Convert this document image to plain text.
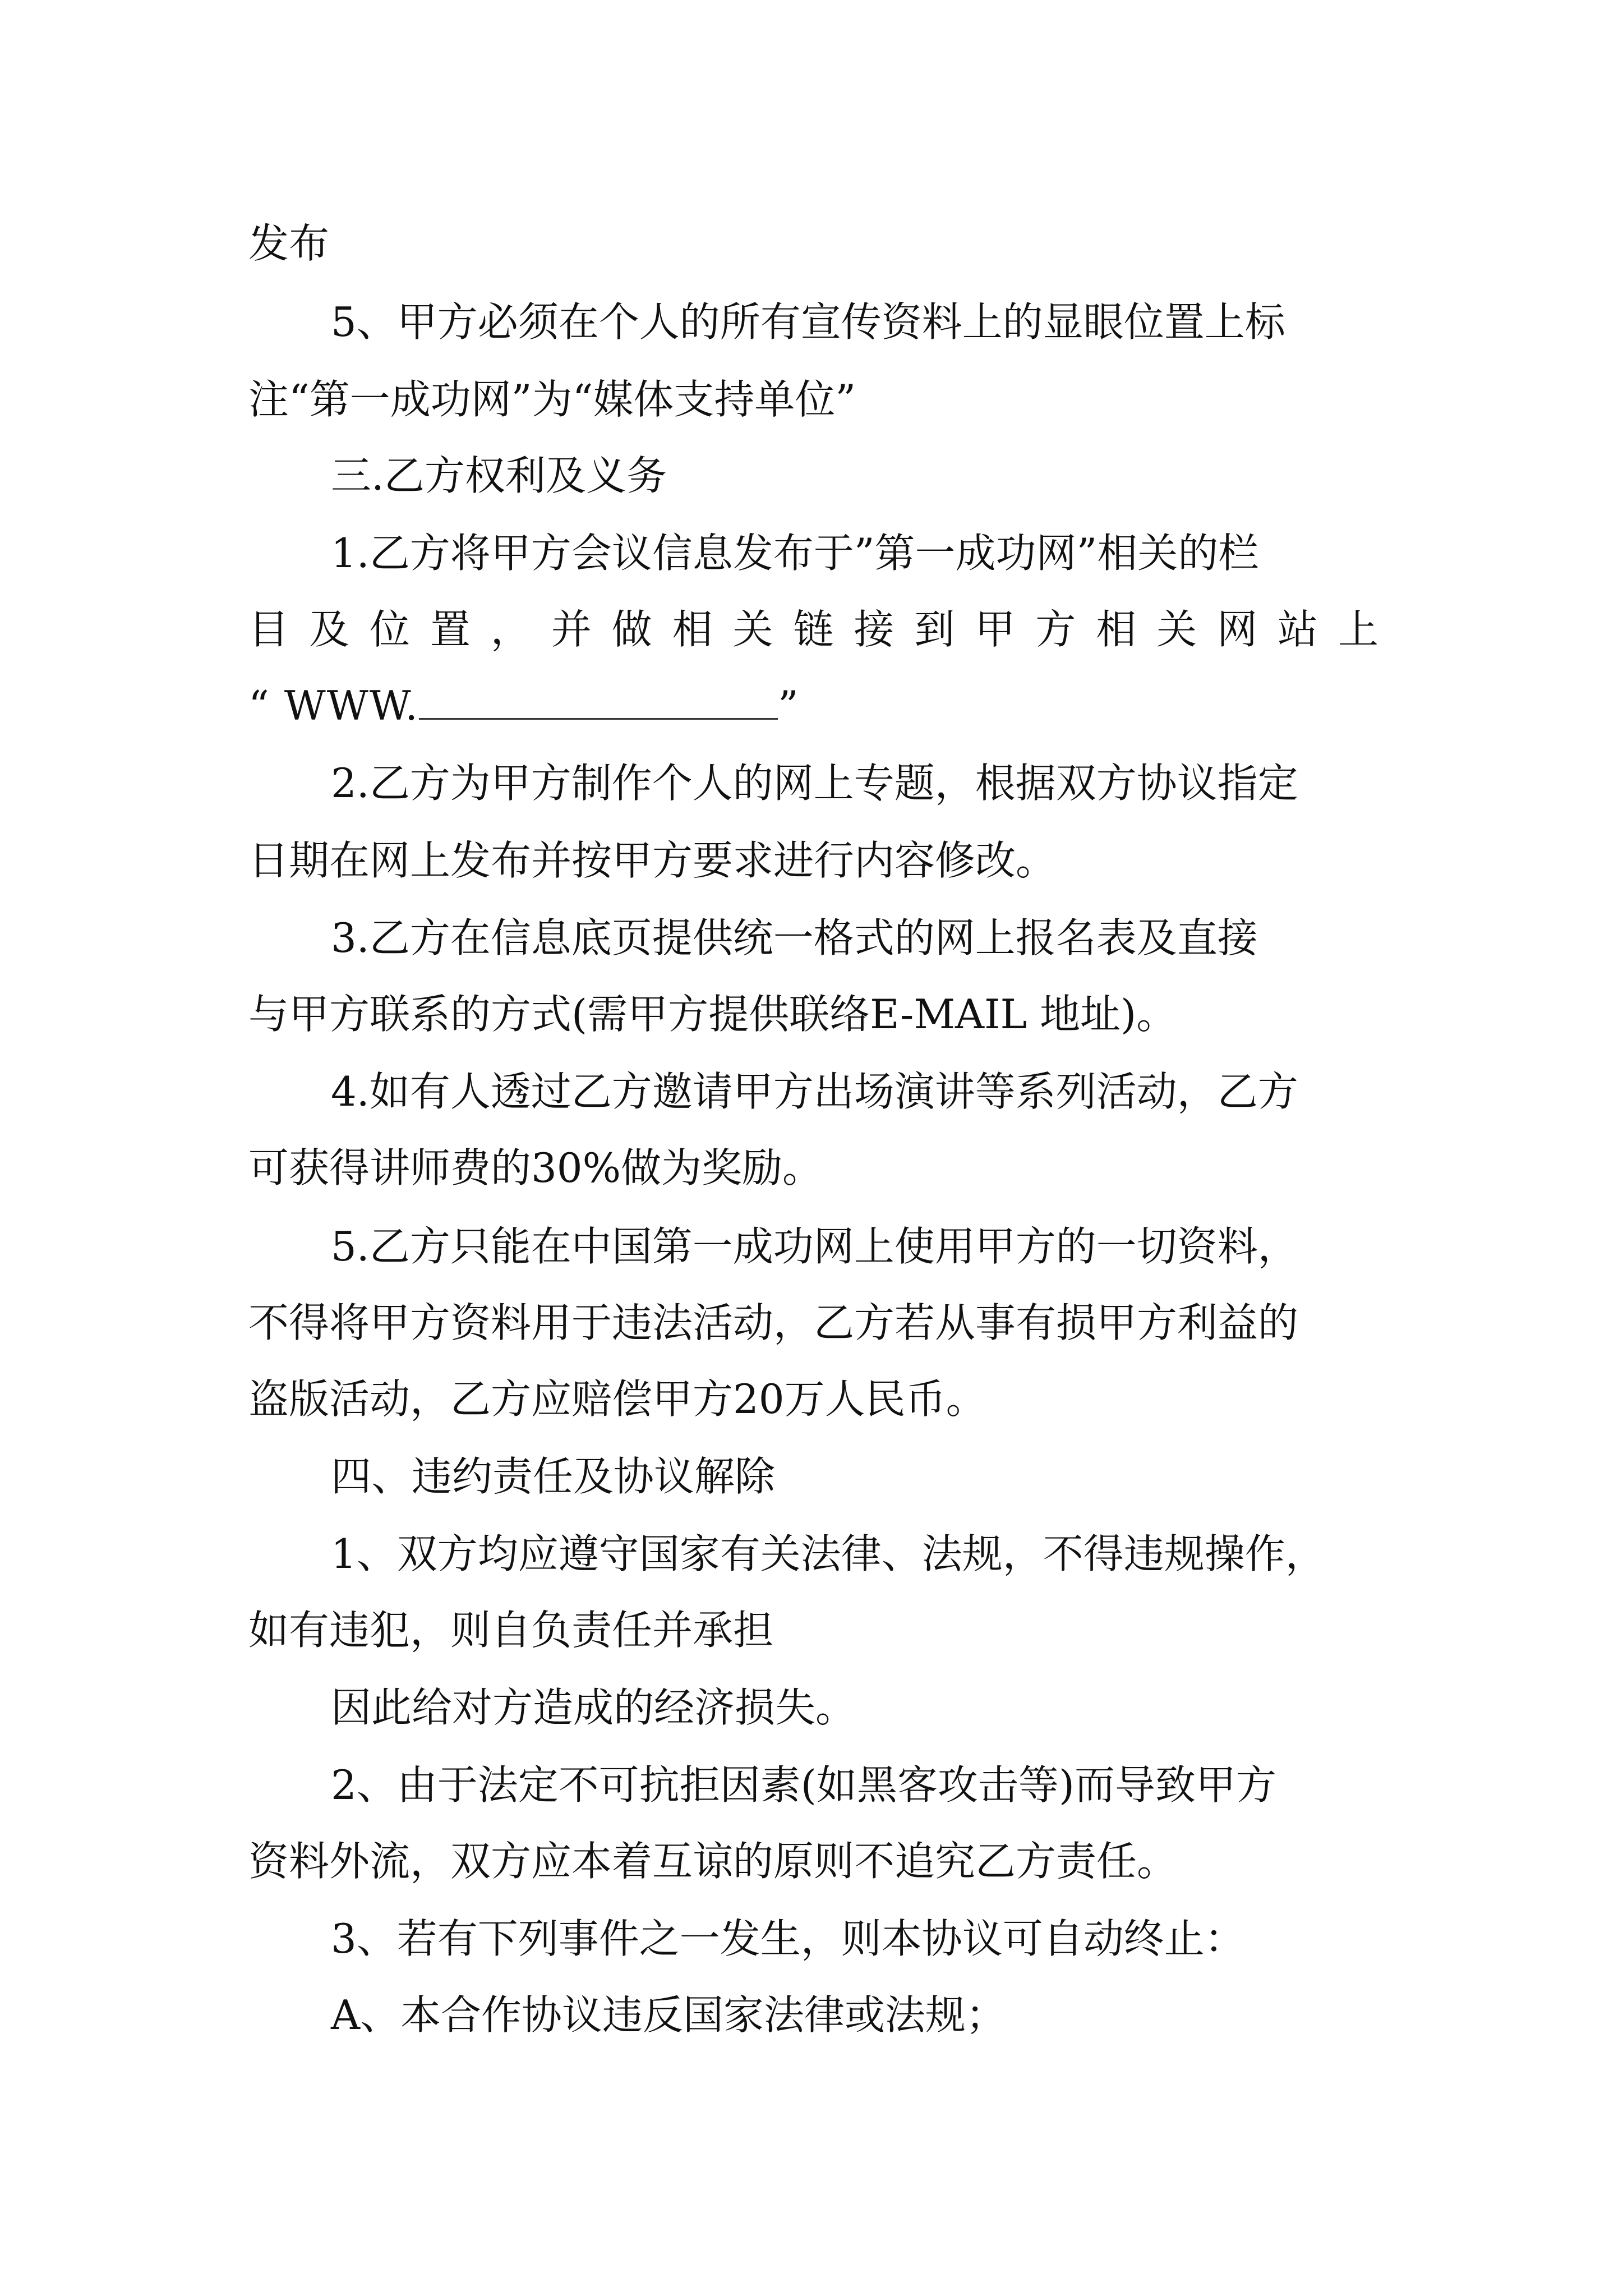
发布
5、甲方必须在个人的所有宣传资料上的显眼位置上标
注“第一成功网”为“媒体支持单位”
三.乙方权利及义务
1.乙方将甲方会议信息发布于”第一成功网”相关的栏
目及位置，并做相关链接到甲方相关网站上
“ WWW.	”
2.乙方为甲方制作个人的网上专题，根据双方协议指定
日期在网上发布并按甲方要求进行内容修改。
3.乙方在信息底页提供统一格式的网上报名表及直接
与甲方联系的方式(需甲方提供联络E-MAIL 地址)。
4.如有人透过乙方邀请甲方出场演讲等系列活动，乙方
可获得讲师费的30%做为奖励。
5.乙方只能在中国第一成功网上使用甲方的一切资料，
不得将甲方资料用于违法活动，乙方若从事有损甲方利益的
盗版活动，乙方应赔偿甲方20万人民币。
四、违约责任及协议解除
1、双方均应遵守国家有关法律、法规，不得违规操作，
如有违犯，则自负责任并承担
因此给对方造成的经济损失。
2、由于法定不可抗拒因素(如黑客攻击等)而导致甲方
资料外流，双方应本着互谅的原则不追究乙方责任。
3、若有下列事件之一发生，则本协议可自动终止：
A、本合作协议违反国家法律或法规；
